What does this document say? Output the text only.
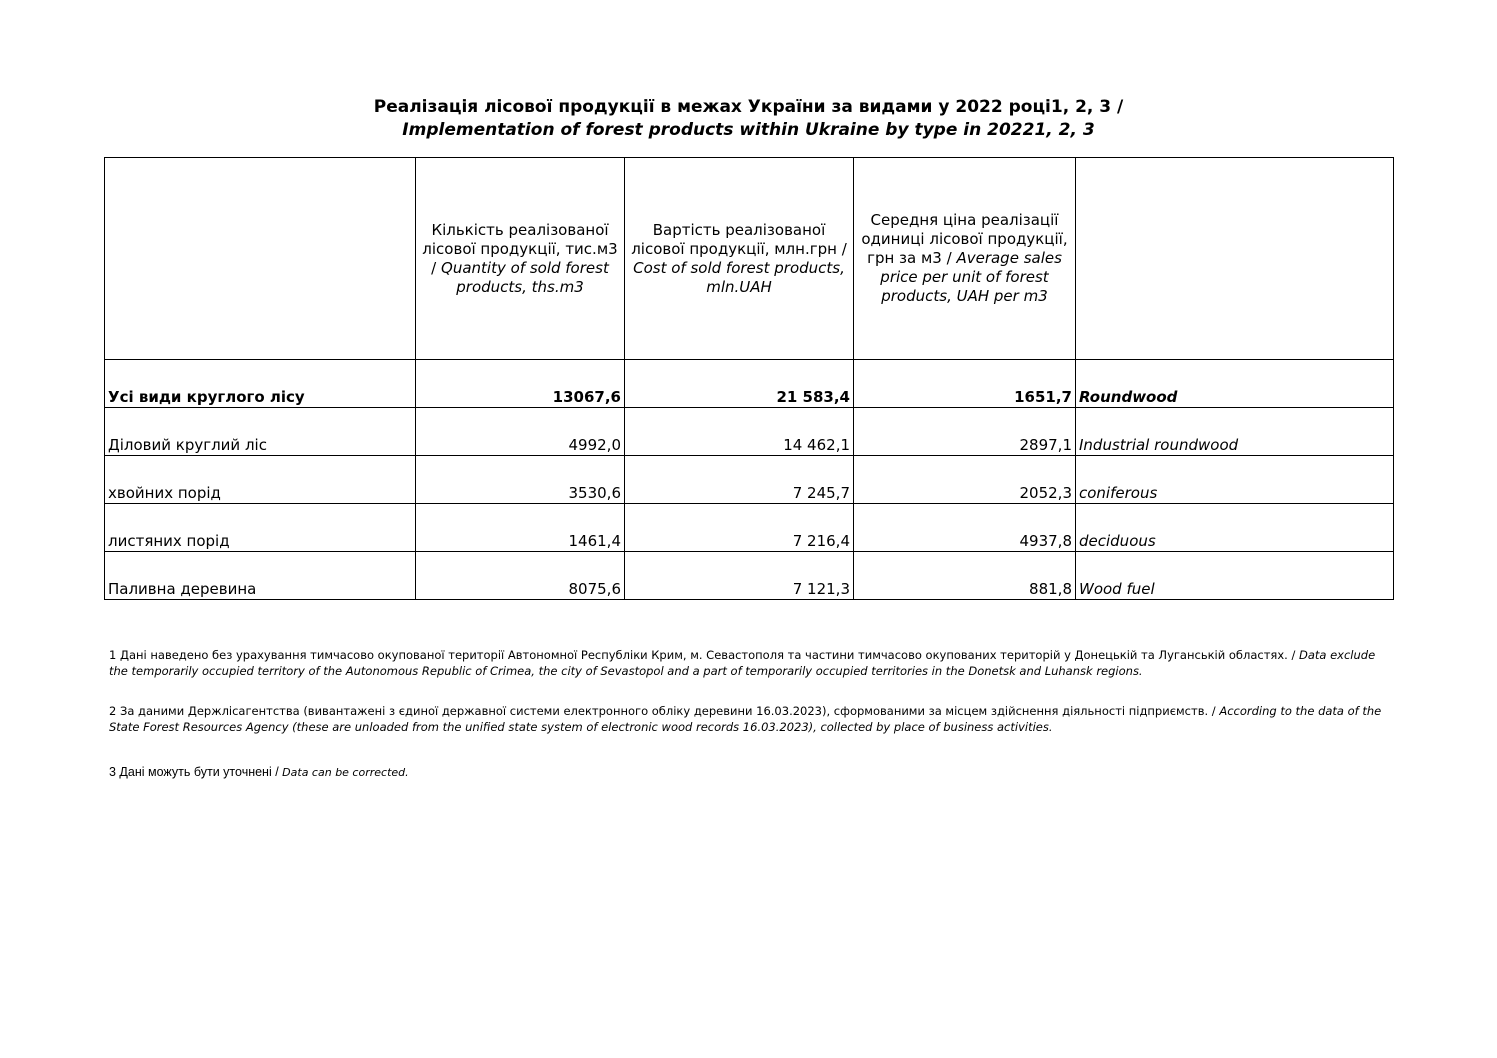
Реалізація лісової продукції в межах України за видами у 2022 році1, 2, 3 /
Implementation of forest products within Ukraine by type in 20221, 2, 3
	Кількість реалізованої лісової продукції, тис.м3 / Quantity of sold forest products, ths.m3	Вартість реалізованої лісової продукції, млн.грн /
Cost of sold forest products, mln.UAH	Середня ціна реалізації одиниці лісової продукції, грн за м3 / Average sales price per unit of forest products, UAH per m3	
Усі види круглого лісу	13067,6	21 583,4	1651,7	Roundwood
Діловий круглий ліс	4992,0	14 462,1	2897,1	Industrial roundwood
хвойних порід	3530,6	7 245,7	2052,3	coniferous
листяних порід	1461,4	7 216,4	4937,8	deciduous
Паливна деревина	8075,6	7 121,3	881,8	Wood fuel
1 Дані наведено без урахування тимчасово окупованої території Автономної Республіки Крим, м. Севастополя та частини тимчасово окупованих територій у Донецькій та Луганській областях. / Data exclude the temporarily occupied territory of the Autonomous Republic of Crimea, the city of Sevastopol and a part of temporarily occupied territories in the Donetsk and Luhansk regions.
2 За даними Держлісагентства (вивантажені з єдиної державної системи електронного обліку деревини 16.03.2023), сформованими за місцем здійснення діяльності підприємств. / According to the data of the State Forest Resources Agency (these are unloaded from the unified state system of electronic wood records 16.03.2023), collected by place of business activities.
3 Дані можуть бути уточнені / Data can be corrected.
